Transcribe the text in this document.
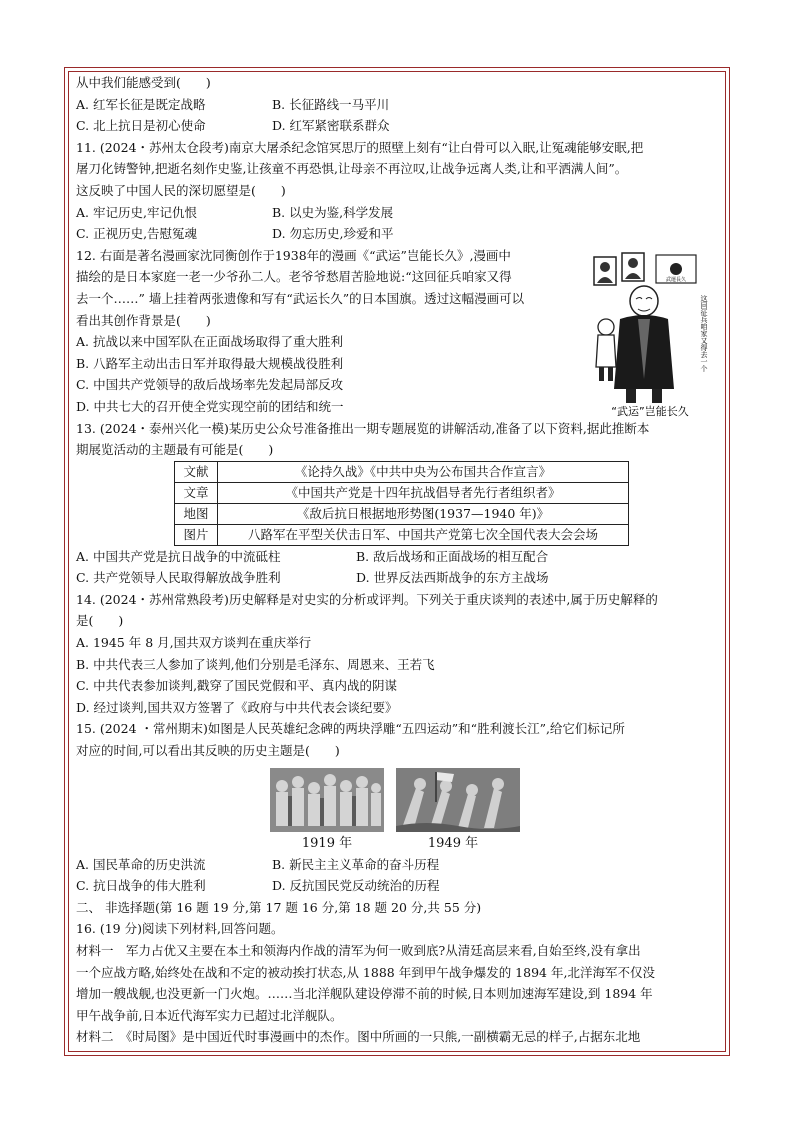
从中我们能感受到(　　)
A. 红军长征是既定战略	B. 长征路线一马平川
C. 北上抗日是初心使命	D. 红军紧密联系群众
11. (2024・苏州太仓段考)南京大屠杀纪念馆冥思厅的照壁上刻有“让白骨可以入眠,让冤魂能够安眠,把
屠刀化铸警钟,把逝名刻作史鉴,让孩童不再恐惧,让母亲不再泣叹,让战争远离人类,让和平洒满人间”。
这反映了中国人民的深切愿望是(　　)
A. 牢记历史,牢记仇恨	B. 以史为鉴,科学发展
C. 正视历史,告慰冤魂	D. 勿忘历史,珍爱和平
12. 右面是著名漫画家沈同衡创作于1938年的漫画《“武运”岂能长久》,漫画中
描绘的是日本家庭一老一少爷孙二人。老爷爷愁眉苦脸地说:“这回征兵咱家又得
去一个……” 墙上挂着两张遗像和写有“武运长久”的日本国旗。透过这幅漫画可以
看出其创作背景是(　　)
A. 抗战以来中国军队在正面战场取得了重大胜利
B. 八路军主动出击日军并取得最大规模战役胜利
C. 中国共产党领导的敌后战场率先发起局部反攻
D. 中共七大的召开使全党实现空前的团结和统一
武運長久
这回征兵咱家又得去一个
“武运”岂能长久
13. (2024・泰州兴化一模)某历史公众号准备推出一期专题展览的讲解活动,准备了以下资料,据此推断本
期展览活动的主题最有可能是(　　)
文献	《论持久战》《中共中央为公布国共合作宣言》
文章	《中国共产党是十四年抗战倡导者先行者组织者》
地图	《敌后抗日根据地形势图(1937—1940 年)》
图片	八路军在平型关伏击日军、中国共产党第七次全国代表大会会场
A. 中国共产党是抗日战争的中流砥柱	B. 敌后战场和正面战场的相互配合
C. 共产党领导人民取得解放战争胜利	D. 世界反法西斯战争的东方主战场
14. (2024・苏州常熟段考)历史解释是对史实的分析或评判。下列关于重庆谈判的表述中,属于历史解释的
是(　　)
A. 1945 年 8 月,国共双方谈判在重庆举行
B. 中共代表三人参加了谈判,他们分别是毛泽东、周恩来、王若飞
C. 中共代表参加谈判,戳穿了国民党假和平、真内战的阴谋
D. 经过谈判,国共双方签署了《政府与中共代表会谈纪要》
15. (2024 ・常州期末)如图是人民英雄纪念碑的两块浮雕“五四运动”和“胜利渡长江”,给它们标记所
对应的时间,可以看出其反映的历史主题是(　　)
1919 年	1949 年
A. 国民革命的历史洪流	B. 新民主主义革命的奋斗历程
C. 抗日战争的伟大胜利	D. 反抗国民党反动统治的历程
二、 非选择题(第 16 题 19 分,第 17 题 16 分,第 18 题 20 分,共 55 分)
16. (19 分)阅读下列材料,回答问题。
材料一　军力占优又主要在本土和领海内作战的清军为何一败到底?从清廷高层来看,自始至终,没有拿出
一个应战方略,始终处在战和不定的被动挨打状态,从 1888 年到甲午战争爆发的 1894 年,北洋海军不仅没
增加一艘战舰,也没更新一门火炮。……当北洋舰队建设停滞不前的时候,日本则加速海军建设,到 1894 年
甲午战争前,日本近代海军实力已超过北洋舰队。
材料二　《时局图》是中国近代时事漫画中的杰作。图中所画的一只熊,一副横霸无忌的样子,占据东北地
